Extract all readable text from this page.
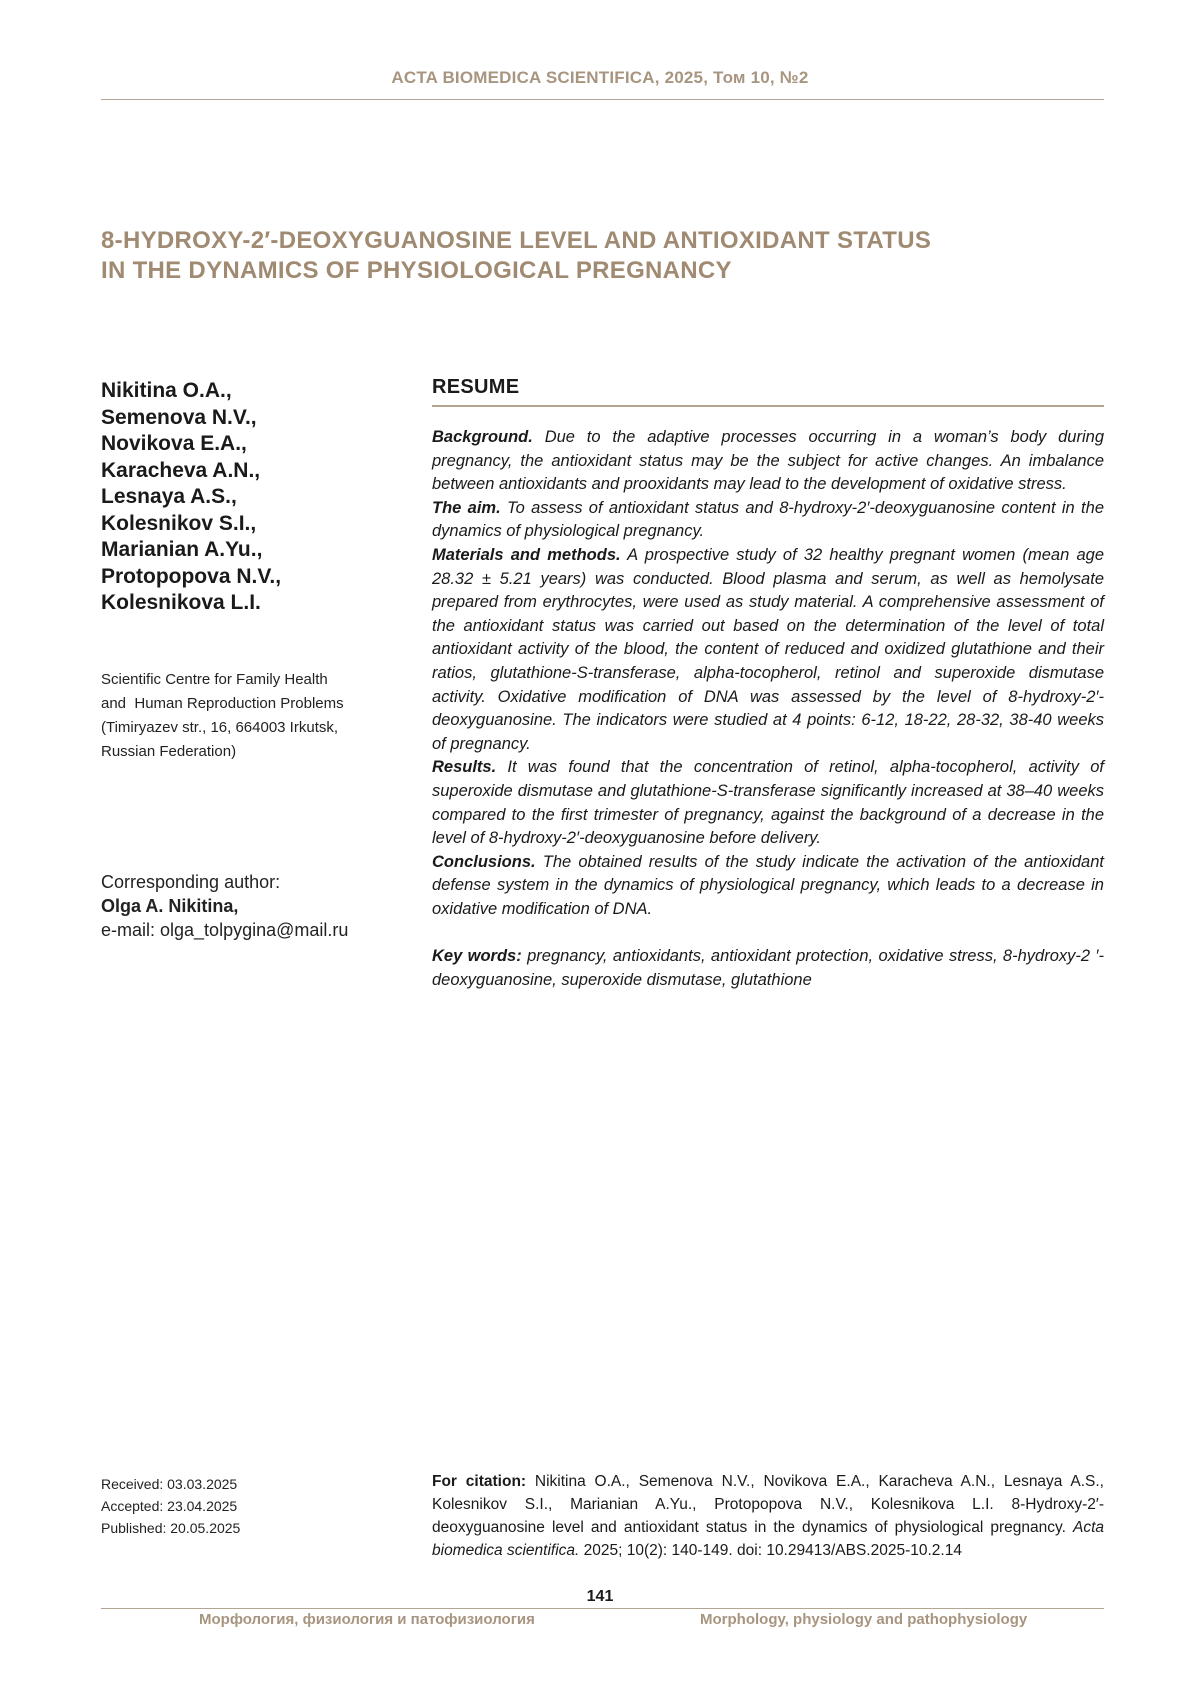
ACTA BIOMEDICA SCIENTIFICA, 2025, Том 10, №2
8-HYDROXY-2′-DEOXYGUANOSINE LEVEL AND ANTIOXIDANT STATUS
IN THE DYNAMICS OF PHYSIOLOGICAL PREGNANCY
Nikitina O.A.,
Semenova N.V.,
Novikova E.A.,
Karacheva A.N.,
Lesnaya A.S.,
Kolesnikov S.I.,
Marianian A.Yu.,
Protopopova N.V.,
Kolesnikova L.I.
Scientific Centre for Family Health
and  Human Reproduction Problems
(Timiryazev str., 16, 664003 Irkutsk,
Russian Federation)
Corresponding author:
Olga A. Nikitina,
e-mail: olga_tolpygina@mail.ru
RESUME

Background. Due to the adaptive processes occurring in a woman’s body during pregnancy, the antioxidant status may be the subject for active changes. An imbalance between antioxidants and prooxidants may lead to the development of oxidative stress.

The aim. To assess of antioxidant status and 8-hydroxy-2′-deoxyguanosine content in the dynamics of physiological pregnancy.

Materials and methods. A prospective study of 32 healthy pregnant women (mean age 28.32 ± 5.21 years) was conducted. Blood plasma and serum, as well as hemolysate prepared from erythrocytes, were used as study material. A comprehensive assessment of the antioxidant status was carried out based on the determination of the level of total antioxidant activity of the blood, the content of reduced and oxidized glutathione and their ratios, glutathione-S-transferase, alpha-tocopherol, retinol and superoxide dismutase activity. Oxidative modification of DNA was assessed by the level of 8-hydroxy-2′-deoxyguanosine. The indicators were studied at 4 points: 6-12, 18-22, 28-32, 38-40 weeks of pregnancy.

Results. It was found that the concentration of retinol, alpha-tocopherol, activity of superoxide dismutase and glutathione-S-transferase significantly increased at 38–40 weeks compared to the first trimester of pregnancy, against the background of a decrease in the level of 8-hydroxy-2′-deoxyguanosine before delivery.

Conclusions. The obtained results of the study indicate the activation of the antioxidant defense system in the dynamics of physiological pregnancy, which leads to a decrease in oxidative modification of DNA.

Key words: pregnancy, antioxidants, antioxidant protection, oxidative stress, 8-hydroxy-2 ′-deoxyguanosine, superoxide dismutase, glutathione
Received: 03.03.2025
Accepted: 23.04.2025
Published: 20.05.2025
For citation: Nikitina O.A., Semenova N.V., Novikova E.A., Karacheva A.N., Lesnaya A.S., Kolesnikov S.I., Marianian A.Yu., Protopopova N.V., Kolesnikova L.I. 8-Hydroxy-2′-deoxyguanosine level and antioxidant status in the dynamics of physiological pregnancy. Acta biomedica scientifica. 2025; 10(2): 140-149. doi: 10.29413/ABS.2025-10.2.14
141
Морфология, физиология и патофизиология	Morphology, physiology and pathophysiology
